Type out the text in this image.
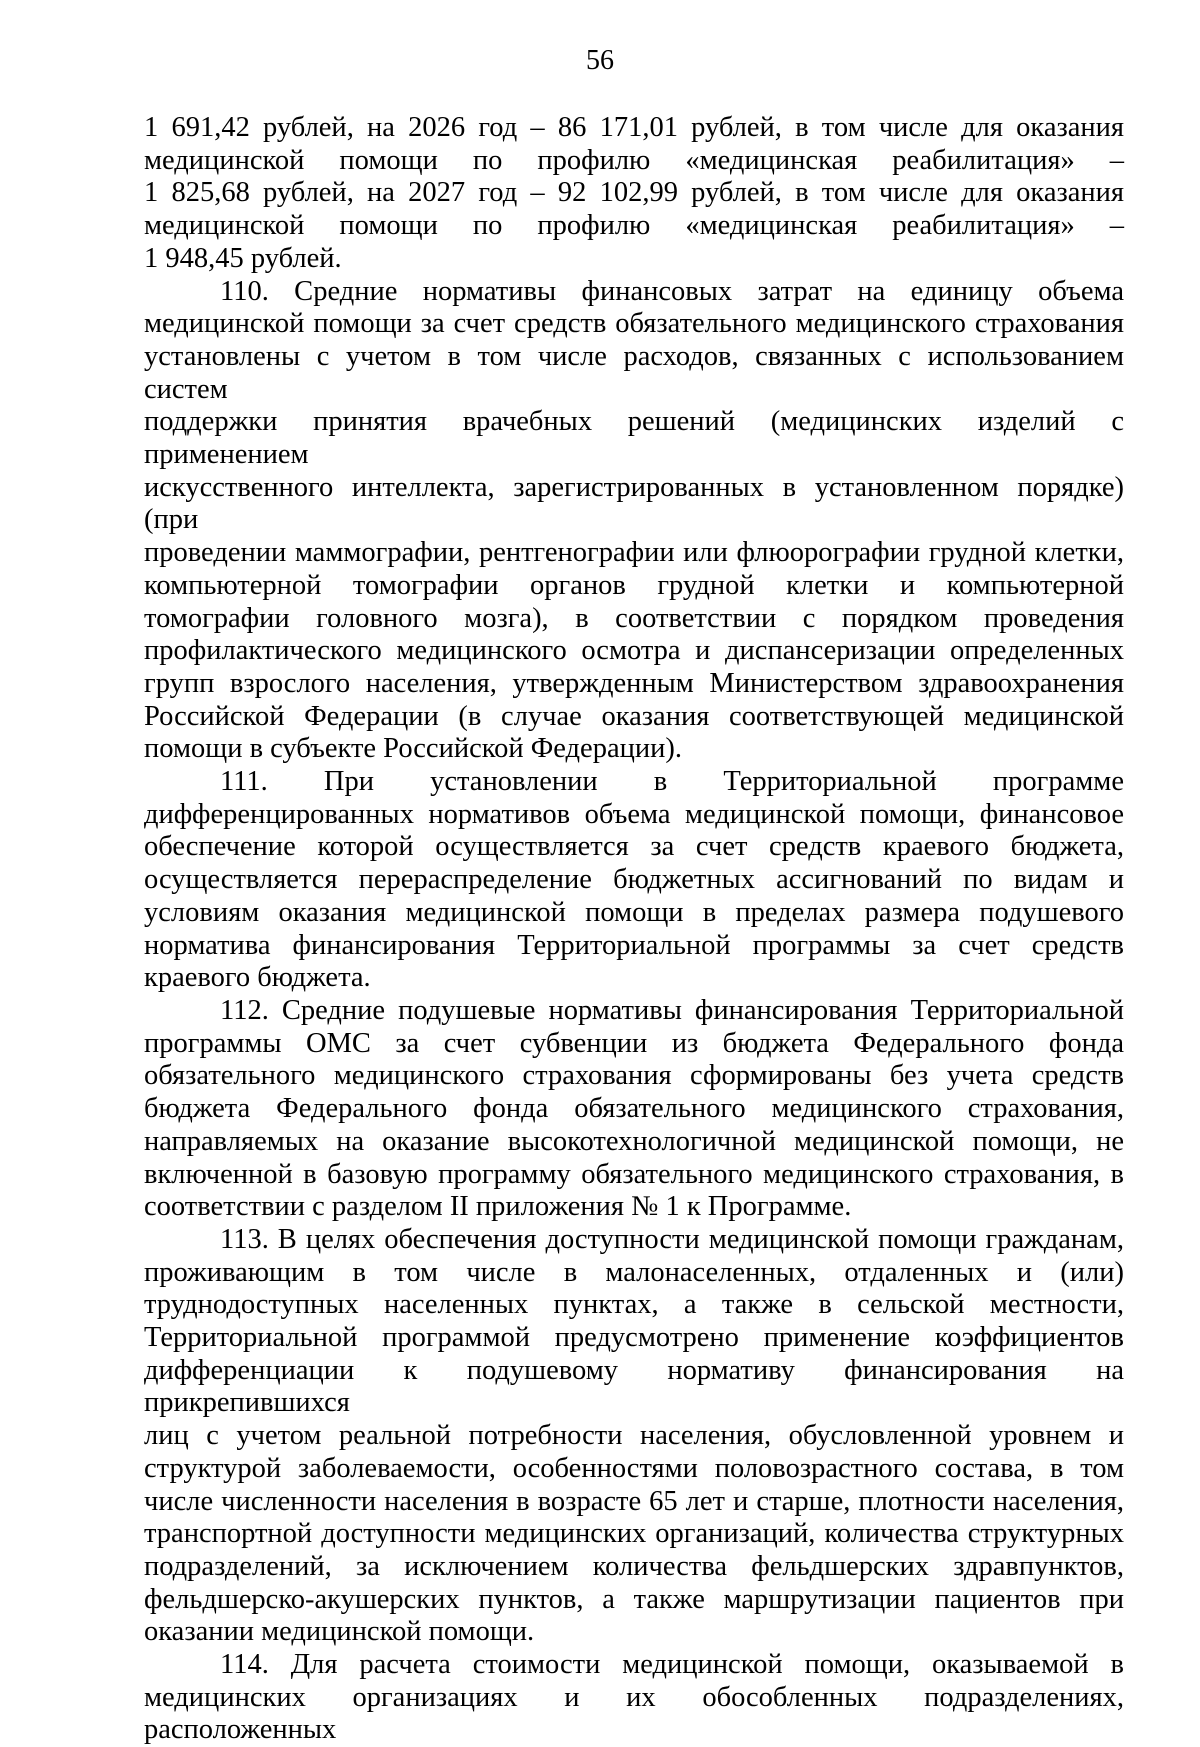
56
1 691,42 рублей, на 2026 год – 86 171,01 рублей, в том числе для оказания
медицинской помощи по профилю «медицинская реабилитация» –
1 825,68 рублей, на 2027 год – 92 102,99 рублей, в том числе для оказания
медицинской помощи по профилю «медицинская реабилитация» –
1 948,45 рублей.
110. Средние нормативы финансовых затрат на единицу объема
медицинской помощи за счет средств обязательного медицинского страхования
установлены с учетом в том числе расходов, связанных с использованием систем
поддержки принятия врачебных решений (медицинских изделий с применением
искусственного интеллекта, зарегистрированных в установленном порядке) (при
проведении маммографии, рентгенографии или флюорографии грудной клетки,
компьютерной томографии органов грудной клетки и компьютерной
томографии головного мозга), в соответствии с порядком проведения
профилактического медицинского осмотра и диспансеризации определенных
групп взрослого населения, утвержденным Министерством здравоохранения
Российской Федерации (в случае оказания соответствующей медицинской
помощи в субъекте Российской Федерации).
111. При установлении в Территориальной программе
дифференцированных нормативов объема медицинской помощи, финансовое
обеспечение которой осуществляется за счет средств краевого бюджета,
осуществляется перераспределение бюджетных ассигнований по видам и
условиям оказания медицинской помощи в пределах размера подушевого
норматива финансирования Территориальной программы за счет средств
краевого бюджета.
112. Средние подушевые нормативы финансирования Территориальной
программы ОМС за счет субвенции из бюджета Федерального фонда
обязательного медицинского страхования сформированы без учета средств
бюджета Федерального фонда обязательного медицинского страхования,
направляемых на оказание высокотехнологичной медицинской помощи, не
включенной в базовую программу обязательного медицинского страхования, в
соответствии с разделом II приложения № 1 к Программе.
113. В целях обеспечения доступности медицинской помощи гражданам,
проживающим в том числе в малонаселенных, отдаленных и (или)
труднодоступных населенных пунктах, а также в сельской местности,
Территориальной программой предусмотрено применение коэффициентов
дифференциации к подушевому нормативу финансирования на прикрепившихся
лиц с учетом реальной потребности населения, обусловленной уровнем и
структурой заболеваемости, особенностями половозрастного состава, в том
числе численности населения в возрасте 65 лет и старше, плотности населения,
транспортной доступности медицинских организаций, количества структурных
подразделений, за исключением количества фельдшерских здравпунктов,
фельдшерско-акушерских пунктов, а также маршрутизации пациентов при
оказании медицинской помощи.
114. Для расчета стоимости медицинской помощи, оказываемой в
медицинских организациях и их обособленных подразделениях, расположенных
